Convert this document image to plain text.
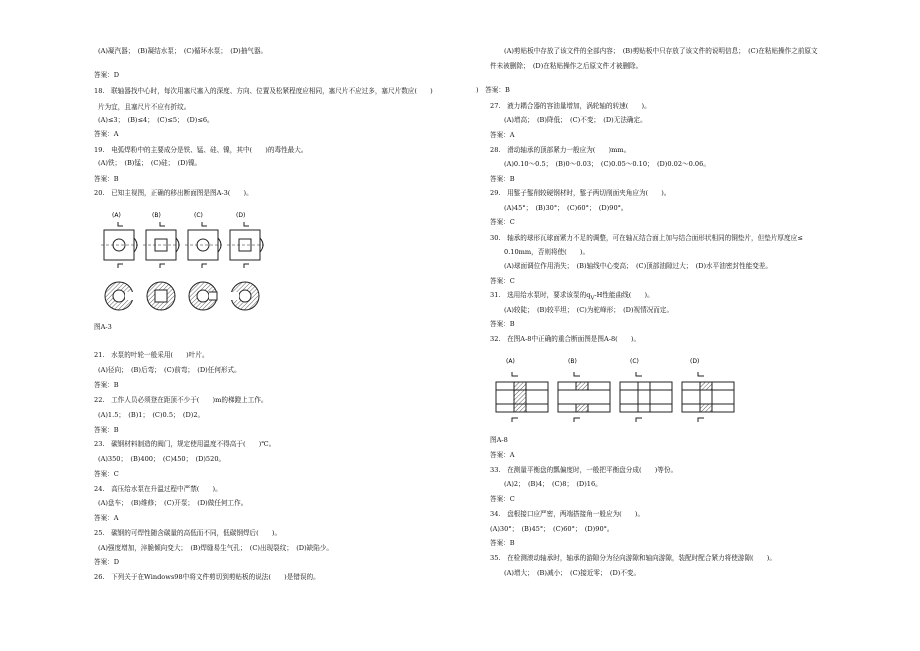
(A)凝汽器；　(B)凝结水泵；　(C)循环水泵；　(D)抽气器。
答案：D
18.　联轴器找中心时，每次用塞尺塞入的深度、方向、位置及松紧程度应相同，塞尺片不应过多，塞尺片数应(　　)
片为宜，且塞尺片不应有折纹。
(A)≤3；　(B)≤4；　(C)≤5；　(D)≤6。
答案：A
19.　电弧焊粉中的主要成分是铁、锰、硅、镍，其中(　　)的毒性最大。
(A)铁；　(B)锰；　(C)硅；　(D)镍。
答案：B
20.　已知主视图，正确的移出断面图是图A-3(　　)。
(A)	(B)	(C)	(D)
图A-3
21.　水泵的叶轮一般采用(　　)叶片。
(A)径向；　(B)后弯；　(C)前弯；　(D)任何形式。
答案：B
22.　工作人员必须登在距顶不少于(　　)m的梯蹬上工作。
(A)1.5；　(B)1；　(C)0.5；　(D)2。
答案：B
23.　碳钢材料制造的阀门，规定使用温度不得高于(　　)℃。
(A)350；　(B)400；　(C)450；　(D)520。
答案：C
24.　高压给水泵在升温过程中严禁(　　)。
(A)盘车；　(B)维修；　(C)开泵；　(D)做任何工作。
答案：A
25.　碳钢的可焊性随含碳量的高低而不同，低碳钢焊后(　　)。
(A)强度增加，淬脆倾向变大；　(B)焊缝易生气孔；　(C)出现裂纹；　(D)缺陷少。
答案：D
26.　下列关于在Windows98中将文件剪切到剪贴板的说法(　　)是错误的。
(A)剪贴板中存放了该文件的全部内容；　(B)剪贴板中只存放了该文件的说明信息；　(C)在粘贴操作之前原文
件未被删除；　(D)在粘贴操作之后原文件才被删除。
)　答案：B
27.　液力耦合器的容油量增加，涡轮轴的转速(　　)。
(A)增高；　(B)降低；　(C)不变；　(D)无法确定。
答案：A
28.　滑动轴承的顶部紧力一般应为(　　)mm。
(A)0.10～0.5；　(B)0～0.03；　(C)0.05～0.10；　(D)0.02～0.06。
答案：B
29.　用錾子錾削较硬钢材时，錾子两切削面夹角应为(　　)。
(A)45°；　(B)30°；　(C)60°；　(D)90°。
答案：C
30.　轴承的球形瓦球面紧力不足的调整，可在轴瓦结合面上加与结合面形状相同的铜垫片，但垫片厚度应≤
0.10mm，否则将使(　　)。
(A)球面调位作用消失；　(B)轴线中心变高；　(C)顶部油隙过大；　(D)水平油密封性能变差。
答案：C
31.　选用给水泵时，要求该泵的$q_V-H$性能曲线(　　)。
(A)较陡；　(B)较平坦；　(C)为驼峰形；　(D)视情况而定。
答案：B
32.　在图A-8中正确的重合断面图是图A-8(　　)。
(A)	(B)	(C)	(D)
图A-8
答案：A
33.　在测量平衡盘的瓢偏度时，一般把平衡盘分成(　　)等份。
(A)2；　(B)4；　(C)8；　(D)16。
答案：C
34.　盘根接口应严密，两端搭接角一般应为(　　)。
(A)30°；　(B)45°；　(C)60°；　(D)90°。
答案：B
35.　在检测滚动轴承时，轴承的游隙分为径向游隙和轴向游隙，装配时配合紧力将使游隙(　　)。
(A)增大；　(B)减小；　(C)接近零；　(D)不变。
